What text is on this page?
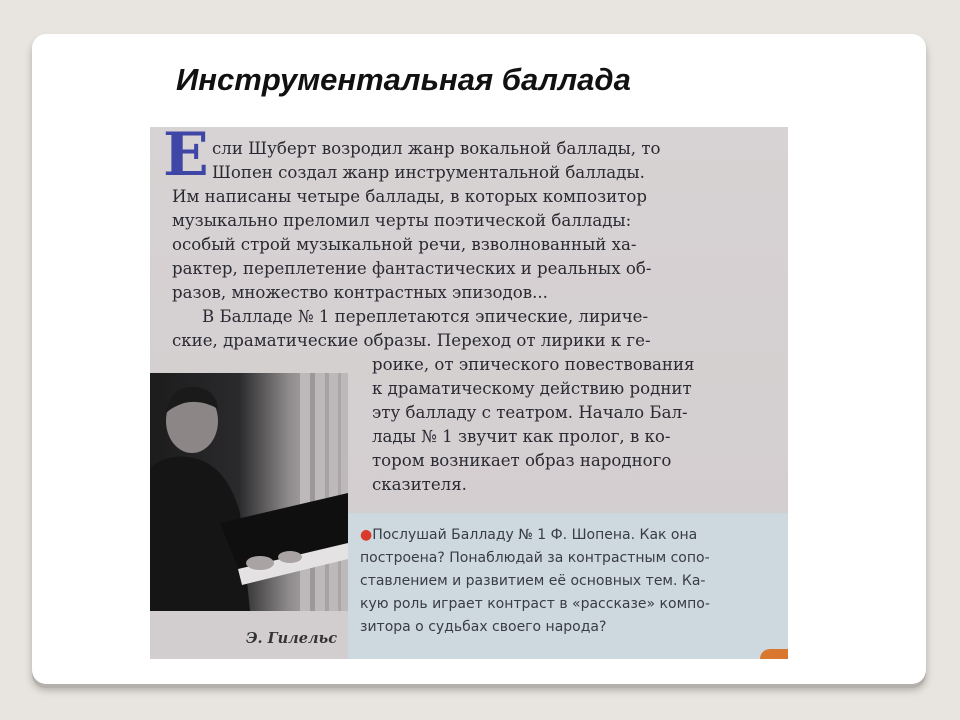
Инструментальная баллада
Е сли Шуберт возродил жанр вокальной баллады, то
Шопен создал жанр инструментальной баллады.
Им написаны четыре баллады, в которых композитор
музыкально преломил черты поэтической баллады:
особый строй музыкальной речи, взволнованный ха-
рактер, переплетение фантастических и реальных об-
разов, множество контрастных эпизодов...
В Балладе № 1 переплетаются эпические, лириче-
ские, драматические образы. Переход от лирики к ге-
роике, от эпического повествования
к драматическому действию роднит
эту балладу с театром. Начало Бал-
лады № 1 звучит как пролог, в ко-
тором возникает образ народного
сказителя.
Э. Гилельс
●Послушай Балладу № 1 Ф. Шопена. Как она
построена? Понаблюдай за контрастным сопо-
ставлением и развитием её основных тем. Ка-
кую роль играет контраст в «рассказе» компо-
зитора о судьбах своего народа?
